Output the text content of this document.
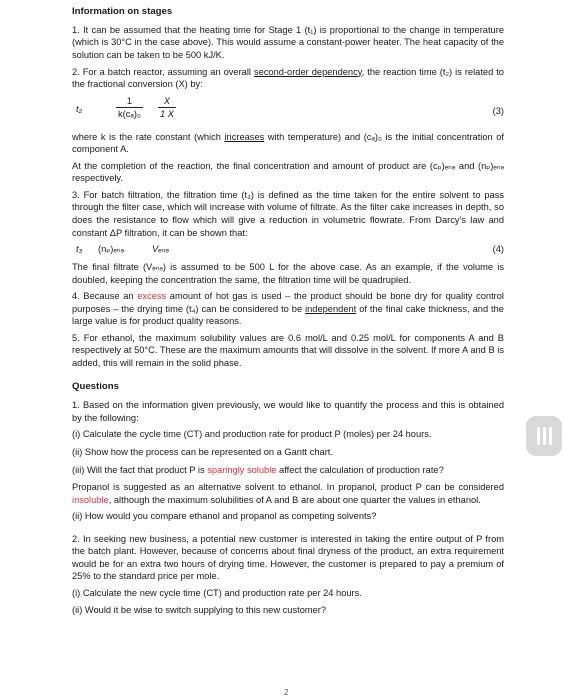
Information on stages
1. It can be assumed that the heating time for Stage 1 (t₁) is proportional to the change in temperature (which is 30°C in the case above). This would assume a constant-power heater. The heat capacity of the solution can be taken to be 500 kJ/K.
2. For a batch reactor, assuming an overall second-order dependency, the reaction time (t₂) is related to the fractional conversion (X) by:
t₂	$\frac{1}{\text{k(cₐ)₀}} \frac{X}{1 X}$	(3)
where k is the rate constant (which increases with temperature) and (cₐ)₀ is the initial concentration of component A.
At the completion of the reaction, the final concentration and amount of product are (cₚ)ₑₙₔ and (nₚ)ₑₙₔ respectively.
3. For batch filtration, the filtration time (t₃) is defined as the time taken for the entire solvent to pass through the filter case, which will increase with volume of filtrate. As the filter cake increases in depth, so does the resistance to flow which will give a reduction in volumetric flowrate. From Darcy's law and constant ΔP filtration, it can be shown that:
t₃ (nₚ)ₑₙₔ	Vₑₙₔ	(4)
The final filtrate (Vₑₙₔ) is assumed to be 500 L for the above case. As an example, if the volume is doubled, keeping the concentration the same, the filtration time will be quadrupled.
4. Because an excess amount of hot gas is used – the product should be bone dry for quality control purposes – the drying time (t₄) can be considered to be independent of the final cake thickness, and the large value is for product quality reasons.
5. For ethanol, the maximum solubility values are 0.6 mol/L and 0.25 mol/L for components A and B respectively at 50°C. These are the maximum amounts that will dissolve in the solvent. If more A and B is added, this will remain in the solid phase.
Questions
1. Based on the information given previously, we would like to quantify the process and this is obtained by the following:
(i) Calculate the cycle time (CT) and production rate for product P (moles) per 24 hours.
(ii) Show how the process can be represented on a Gantt chart.
(iii) Will the fact that product P is sparingly soluble affect the calculation of production rate?
Propanol is suggested as an alternative solvent to ethanol. In propanol, product P can be considered insoluble, although the maximum solubilities of A and B are about one quarter the values in ethanol.
(ii) How would you compare ethanol and propanol as competing solvents?
2. In seeking new business, a potential new customer is interested in taking the entire output of P from the batch plant. However, because of concerns about final dryness of the product, an extra requirement would be for an extra two hours of drying time. However, the customer is prepared to pay a premium of 25% to the standard price per mole.
(i) Calculate the new cycle time (CT) and production rate per 24 hours.
(ii) Would it be wise to switch supplying to this new customer?
2
